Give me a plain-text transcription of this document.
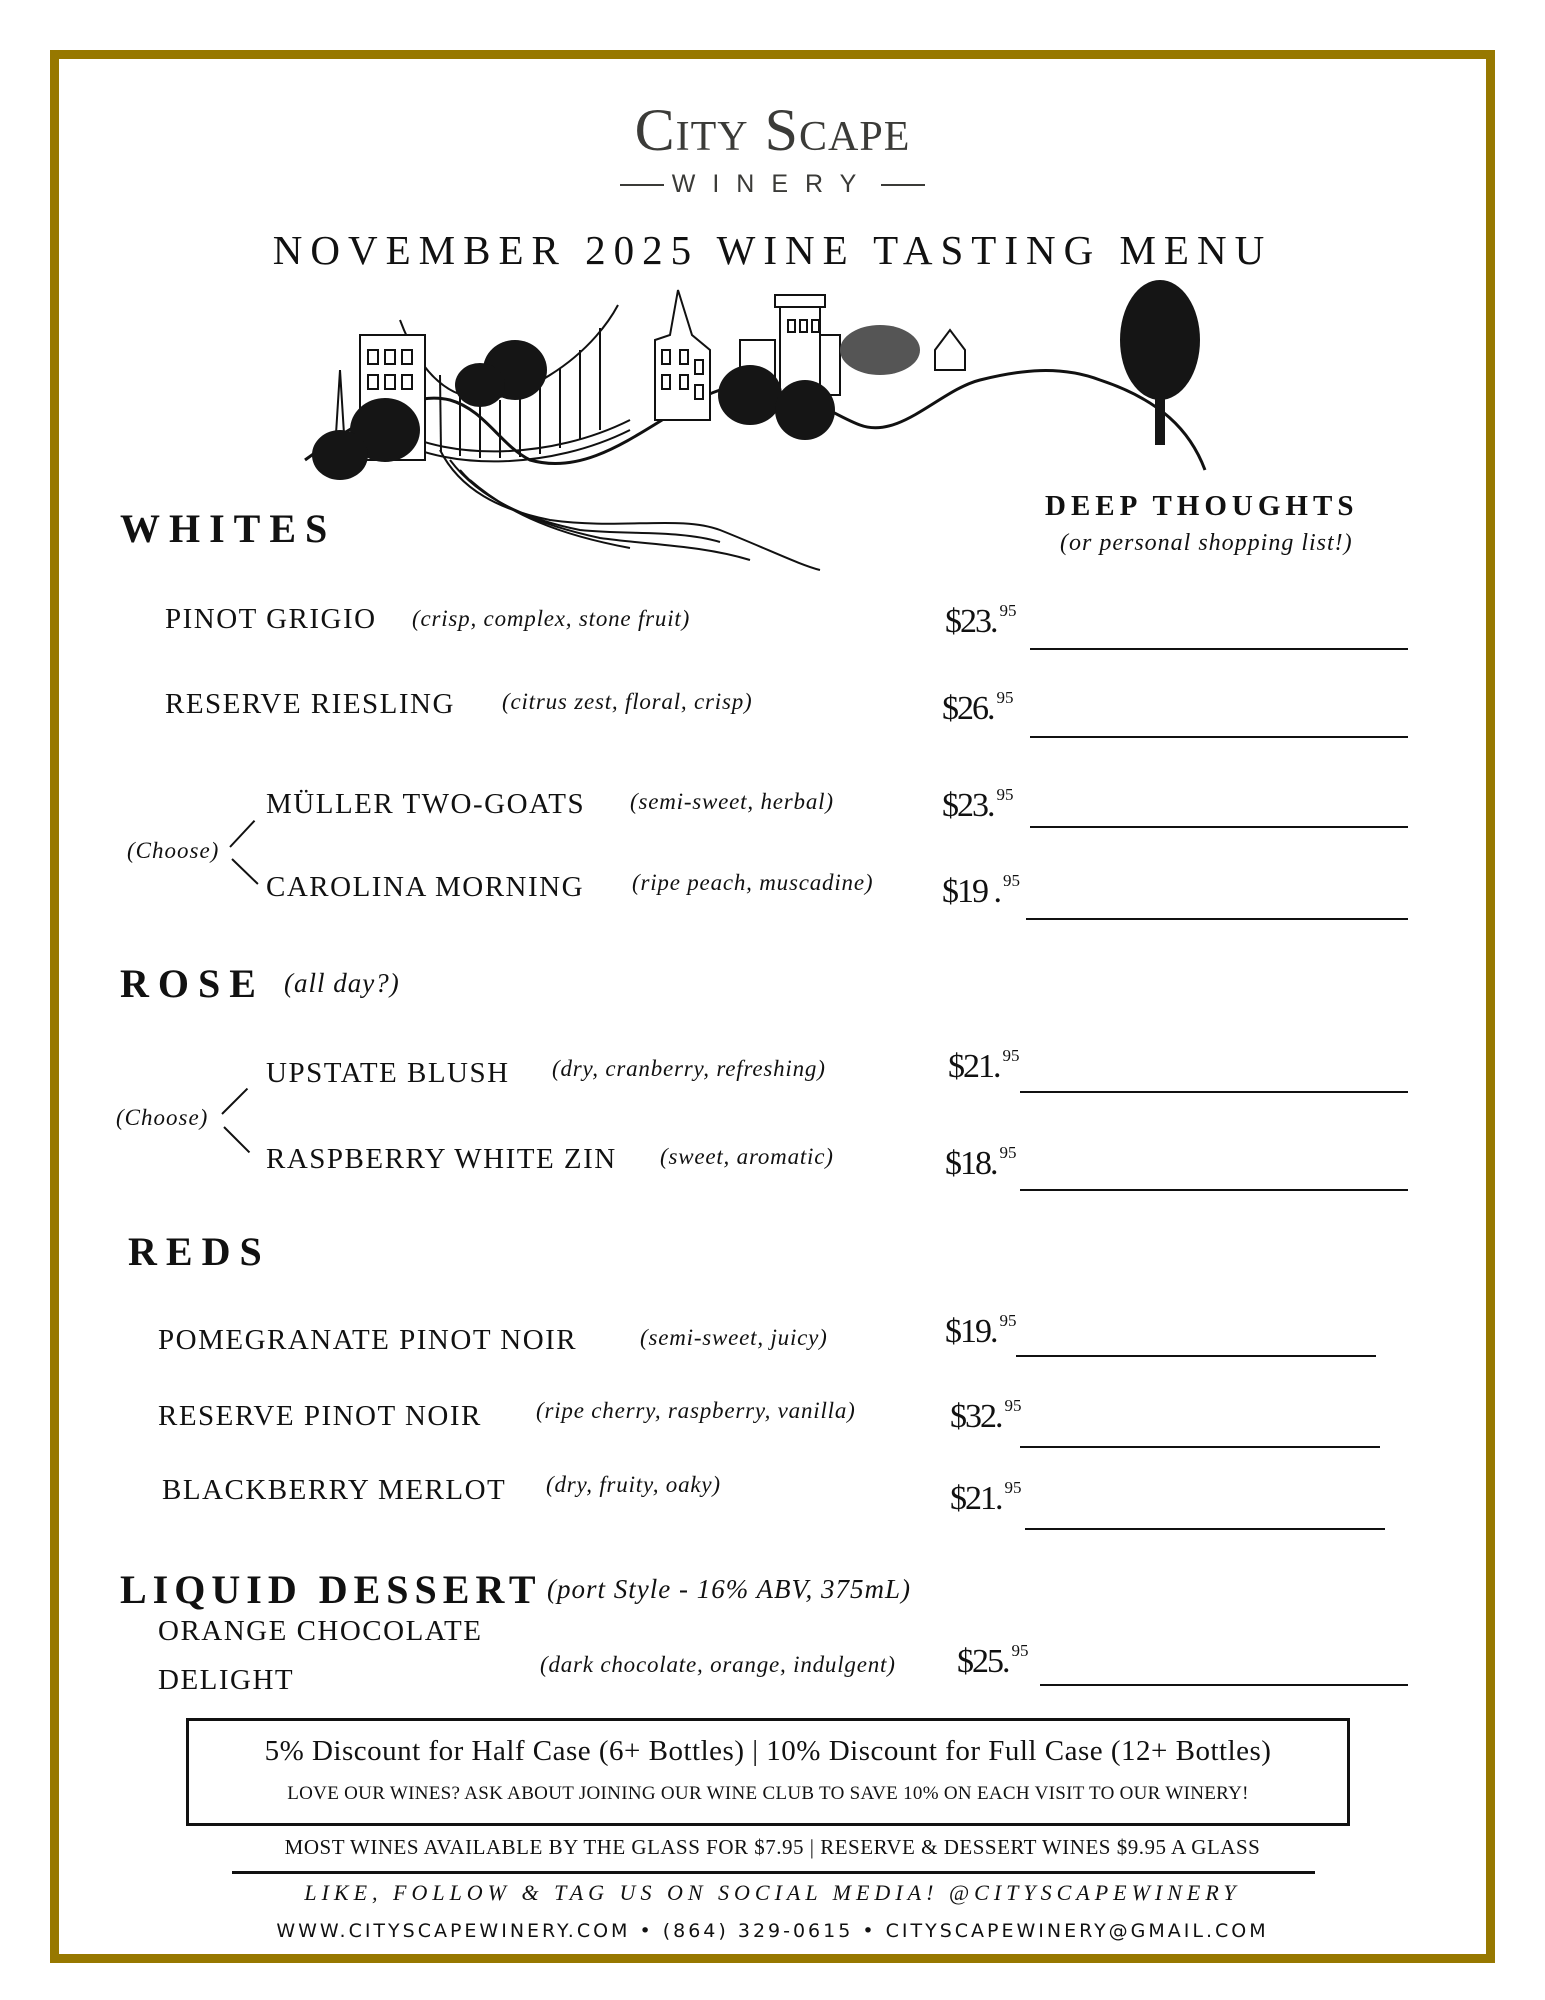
City Scape
WINERY
NOVEMBER 2025 WINE TASTING MENU
DEEP THOUGHTS
(or personal shopping list!)
WHITES
PINOT GRIGIO (crisp, complex, stone fruit)	$23. $^{95}$
RESERVE RIESLING (citrus zest, floral, crisp)	$26. $^{95}$
(Choose)
MÜLLER TWO-GOATS (semi-sweet, herbal)	$23. $^{95}$
CAROLINA MORNING (ripe peach, muscadine) $19 . $^{95}$
ROSE (all day?)
(Choose)
UPSTATE BLUSH (dry, cranberry, refreshing)	$21. $^{95}$
RASPBERRY WHITE ZIN (sweet, aromatic)	$18. $^{95}$
REDS
POMEGRANATE PINOT NOIR	(semi-sweet, juicy)	$19. $^{95}$
RESERVE PINOT NOIR (ripe cherry, raspberry, vanilla)	$32. $^{95}$
BLACKBERRY MERLOT (dry, fruity, oaky)	$21. $^{95}$
LIQUID DESSERT (port Style - 16% ABV, 375mL)
ORANGE CHOCOLATE
DELIGHT	(dark chocolate, orange, indulgent) $25. $^{95}$
5% Discount for Half Case (6+ Bottles) | 10% Discount for Full Case (12+ Bottles)
LOVE OUR WINES? ASK ABOUT JOINING OUR WINE CLUB TO SAVE 10% ON EACH VISIT TO OUR WINERY!
MOST WINES AVAILABLE BY THE GLASS FOR $7.95 | RESERVE & DESSERT WINES $9.95 A GLASS
LIKE, FOLLOW & TAG US ON SOCIAL MEDIA! @CITYSCAPEWINERY
WWW.CITYSCAPEWINERY.COM • (864) 329-0615 • CITYSCAPEWINERY@GMAIL.COM
